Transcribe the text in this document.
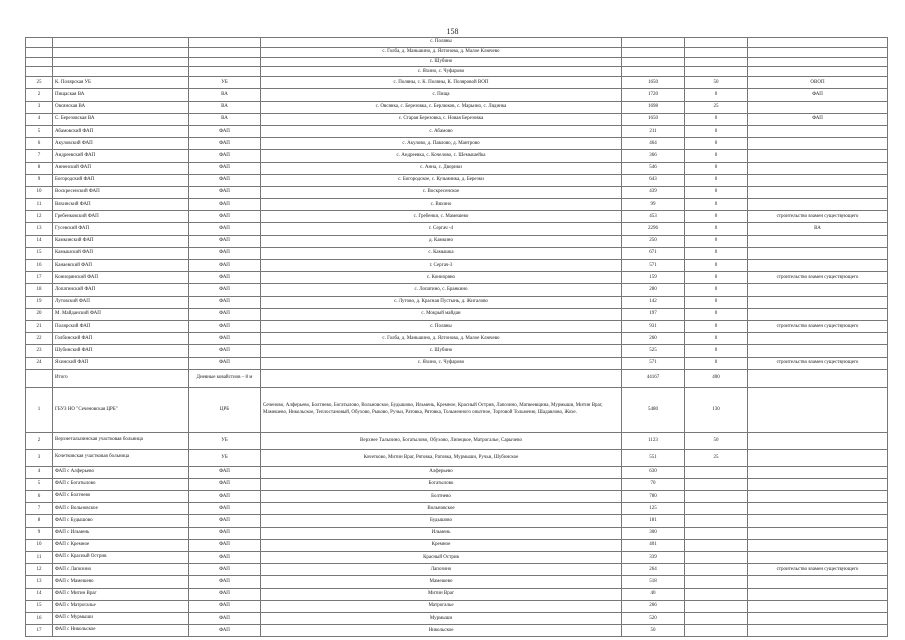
158
			с. Поляны			
			с. Голба, д. Маньшино, д. Ялтонова, д. Малое Ключево			
			с. Шубино			
			с. Яхино, с. Чуфарово			
25	К. Полярская УБ	УБ	с. Поляны, с. К. Поляны, К. Поляровой ВОП	1650	50	ОВОП
2	Пищаская ВА	ВА	с. Пища	1720	0	ФАП
3	Овсянская ВА	ВА	с. Овсянка, с. Березовка, с. Берлюков, с. Марьино, с. Лядинка	1698	25	
4	С. Березовская ВА	ВА	с. Старая Березовка, с. Новая Березовка	1650	0	ФАП
5	Абамовский ФАП	ФАП	с. Абамово	211	0	
6	Акуловский ФАП	ФАП	с. Акулово, д. Павлово, д. Мантрово	464	0	
7	Андреевский ФАП	ФАП	с. Андреевка, с. Кочелово, с. Шемышейка	366	0	
8	Анненский ФАП	ФАП	с. Анна, с. Дворики	546	0	
9	Богородский ФАП	ФАП	с. Богородское, с. Кузьминка, д. Березки	643	0	
10	Воскресенский ФАП	ФАП	с. Воскресенское	439	0	
11	Вяхинский ФАП	ФАП	с. Вяхино	99	0	
12	Гребенковский ФАП	ФАП	с. Гребенки, с. Мамешево	453	0	строительство взамен существующего
13	Гусевский ФАП	ФАП	г. Сергач -4	2296	0	ВА
14	Камкинский ФАП	ФАП	д. Камкино	250	0	
15	Камышский ФАП	ФАП	с. Камышка	671	0	
16	Канаевский ФАП	ФАП	г. Сергач-3	571	0	
17	Кониорянский ФАП	ФАП	с. Кониоряно	159	0	строительство взамен существующего
18	Лопатинский ФАП	ФАП	с. Лопатино, с. Бранкино	280	0	
19	Лутовский ФАП	ФАП	с. Лутово, д. Красная Пустынь, д. Жигалово	142	0	
20	М. Майданский ФАП	ФАП	с. Мокрый майдан	197	0	
21	Полярский ФАП	ФАП	с. Поляны	931	0	строительство взамен существующего
22	Голбинский ФАП	ФАП	с. Голба, д. Маньшино, д. Ялтонова, д. Малое Ключево	260	0	
23	Шубинский ФАП	ФАП	с. Шубино	525	0	
24	Яхинский ФАП	ФАП	с. Яхино, с. Чуфарово	571	0	строительство взамен существующего
	Итого	Дневные ковайстиов – 8 м		44167	400	
1	ГБУЗ НО "Сеченовская ЦРБ"	ЦРБ	Сеченово, Алферьево, Болтнево, Богатылово, Вольновское, Будышово, Ильмень, Кремное, Красный Острив, Лапозино, Матвеевщина, Мурмыши, Митин Враг, Мамешево, Никольское, Теплостановый, Обухово, Рыково, Ручьи, Ратовка, Рятовка, Тольменного опытное, Торговой Тольменю, Шадавлово, Жохе.	5480	130	
2	Верхнеталызинская участковая больница	УБ	Верхнее Талызино, Богатылово, Обухово, Липецкое, Матрогалье, Сарычево	1123	50	
3	Кочетковская участковая больница	УБ	Кочетково, Митин Враг, Рятовка, Ратовка, Мурмыши, Ручьи, Шубинское	551	25	
4	ФАП с Алферьево	ФАП	Алферьево	630		
5	ФАП с Богатылово	ФАП	Богатылово	70		
6	ФАП с Болтнево	ФАП	Болтнево	780		
7	ФАП с Вольновское	ФАП	Вольновское	125		
8	ФАП с Будышово	ФАП	Будышово	181		
9	ФАП с Ильмень	ФАП	Ильмень	300		
10	ФАП с Кремное	ФАП	Кремное	401		
11	ФАП с Красный Острив	ФАП	Красный Острив	339		
12	ФАП с Лапозино	ФАП	Лапозино	264		строительство взамен существующего
13	ФАП с Мамешево	ФАП	Мамешево	518		
14	ФАП с Митин Враг	ФАП	Митин Враг	40		
15	ФАП с Матрогалье	ФАП	Матрогалье	266		
16	ФАП с Мурмыши	ФАП	Мурмыши	520		
17	ФАП с Никольское	ФАП	Никольское	50		
